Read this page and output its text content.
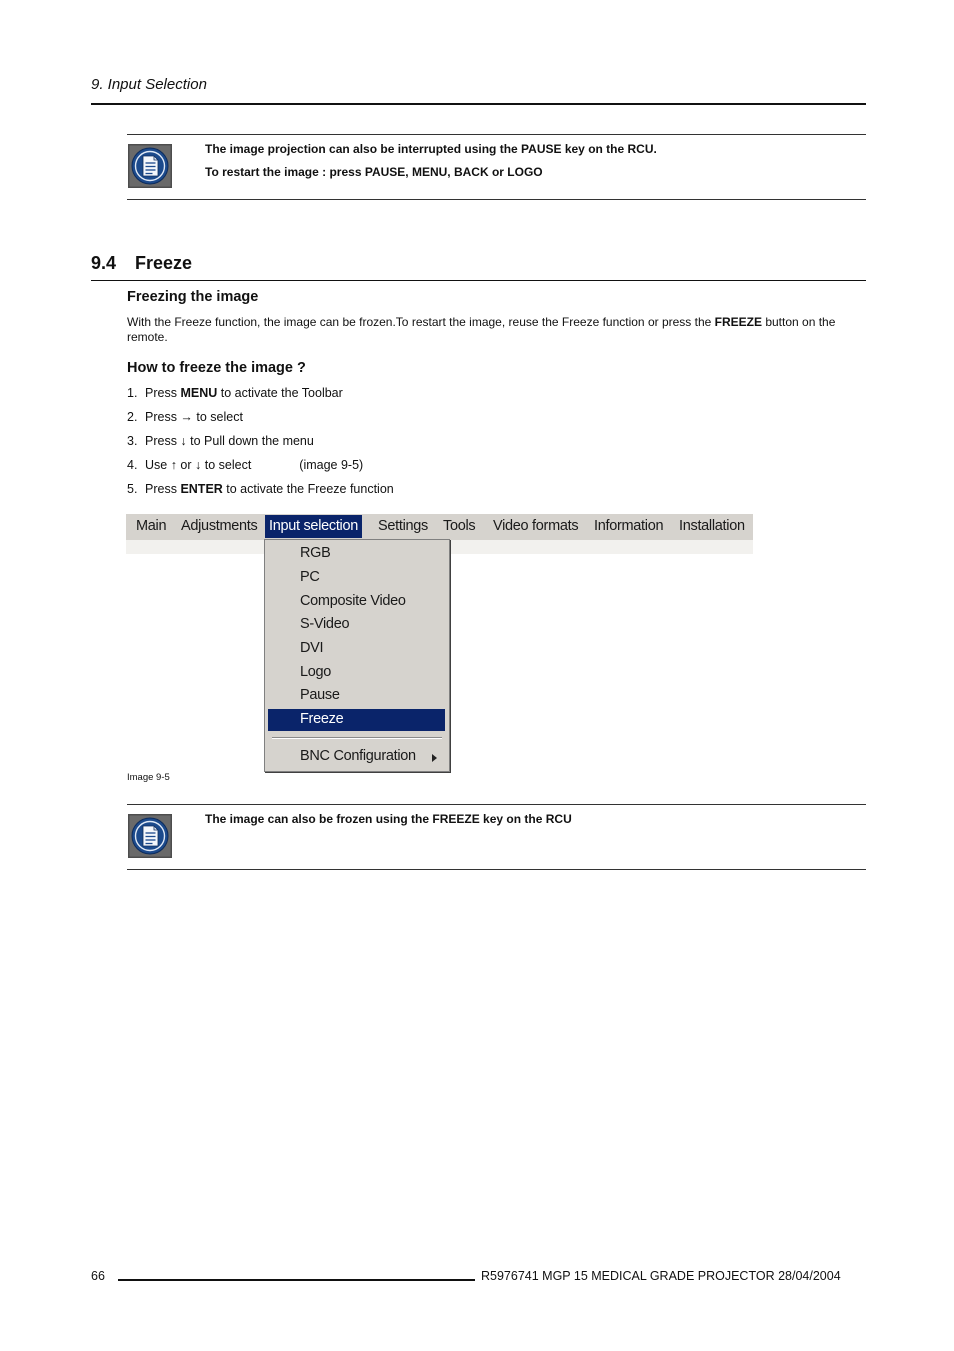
9. Input Selection
The image projection can also be interrupted using the PAUSE key on the RCU.
To restart the image : press PAUSE, MENU, BACK or LOGO
9.4 Freeze
Freezing the image
With the Freeze function, the image can be frozen.To restart the image, reuse the Freeze function or press the FREEZE button on the remote.
How to freeze the image ?
1. Press MENU to activate the Toolbar
2. Press → to select
3. Press ↓ to Pull down the menu
4. Use ↑ or ↓ to select	(image 9-5)
5. Press ENTER to activate the Freeze function
Main Adjustments Input selection Settings Tools Video formats Information Installation
RGB
PC
Composite Video
S-Video
DVI
Logo
Pause
Freeze
BNC Configuration
Image 9-5
The image can also be frozen using the FREEZE key on the RCU
66	R5976741 MGP 15 MEDICAL GRADE PROJECTOR 28/04/2004
